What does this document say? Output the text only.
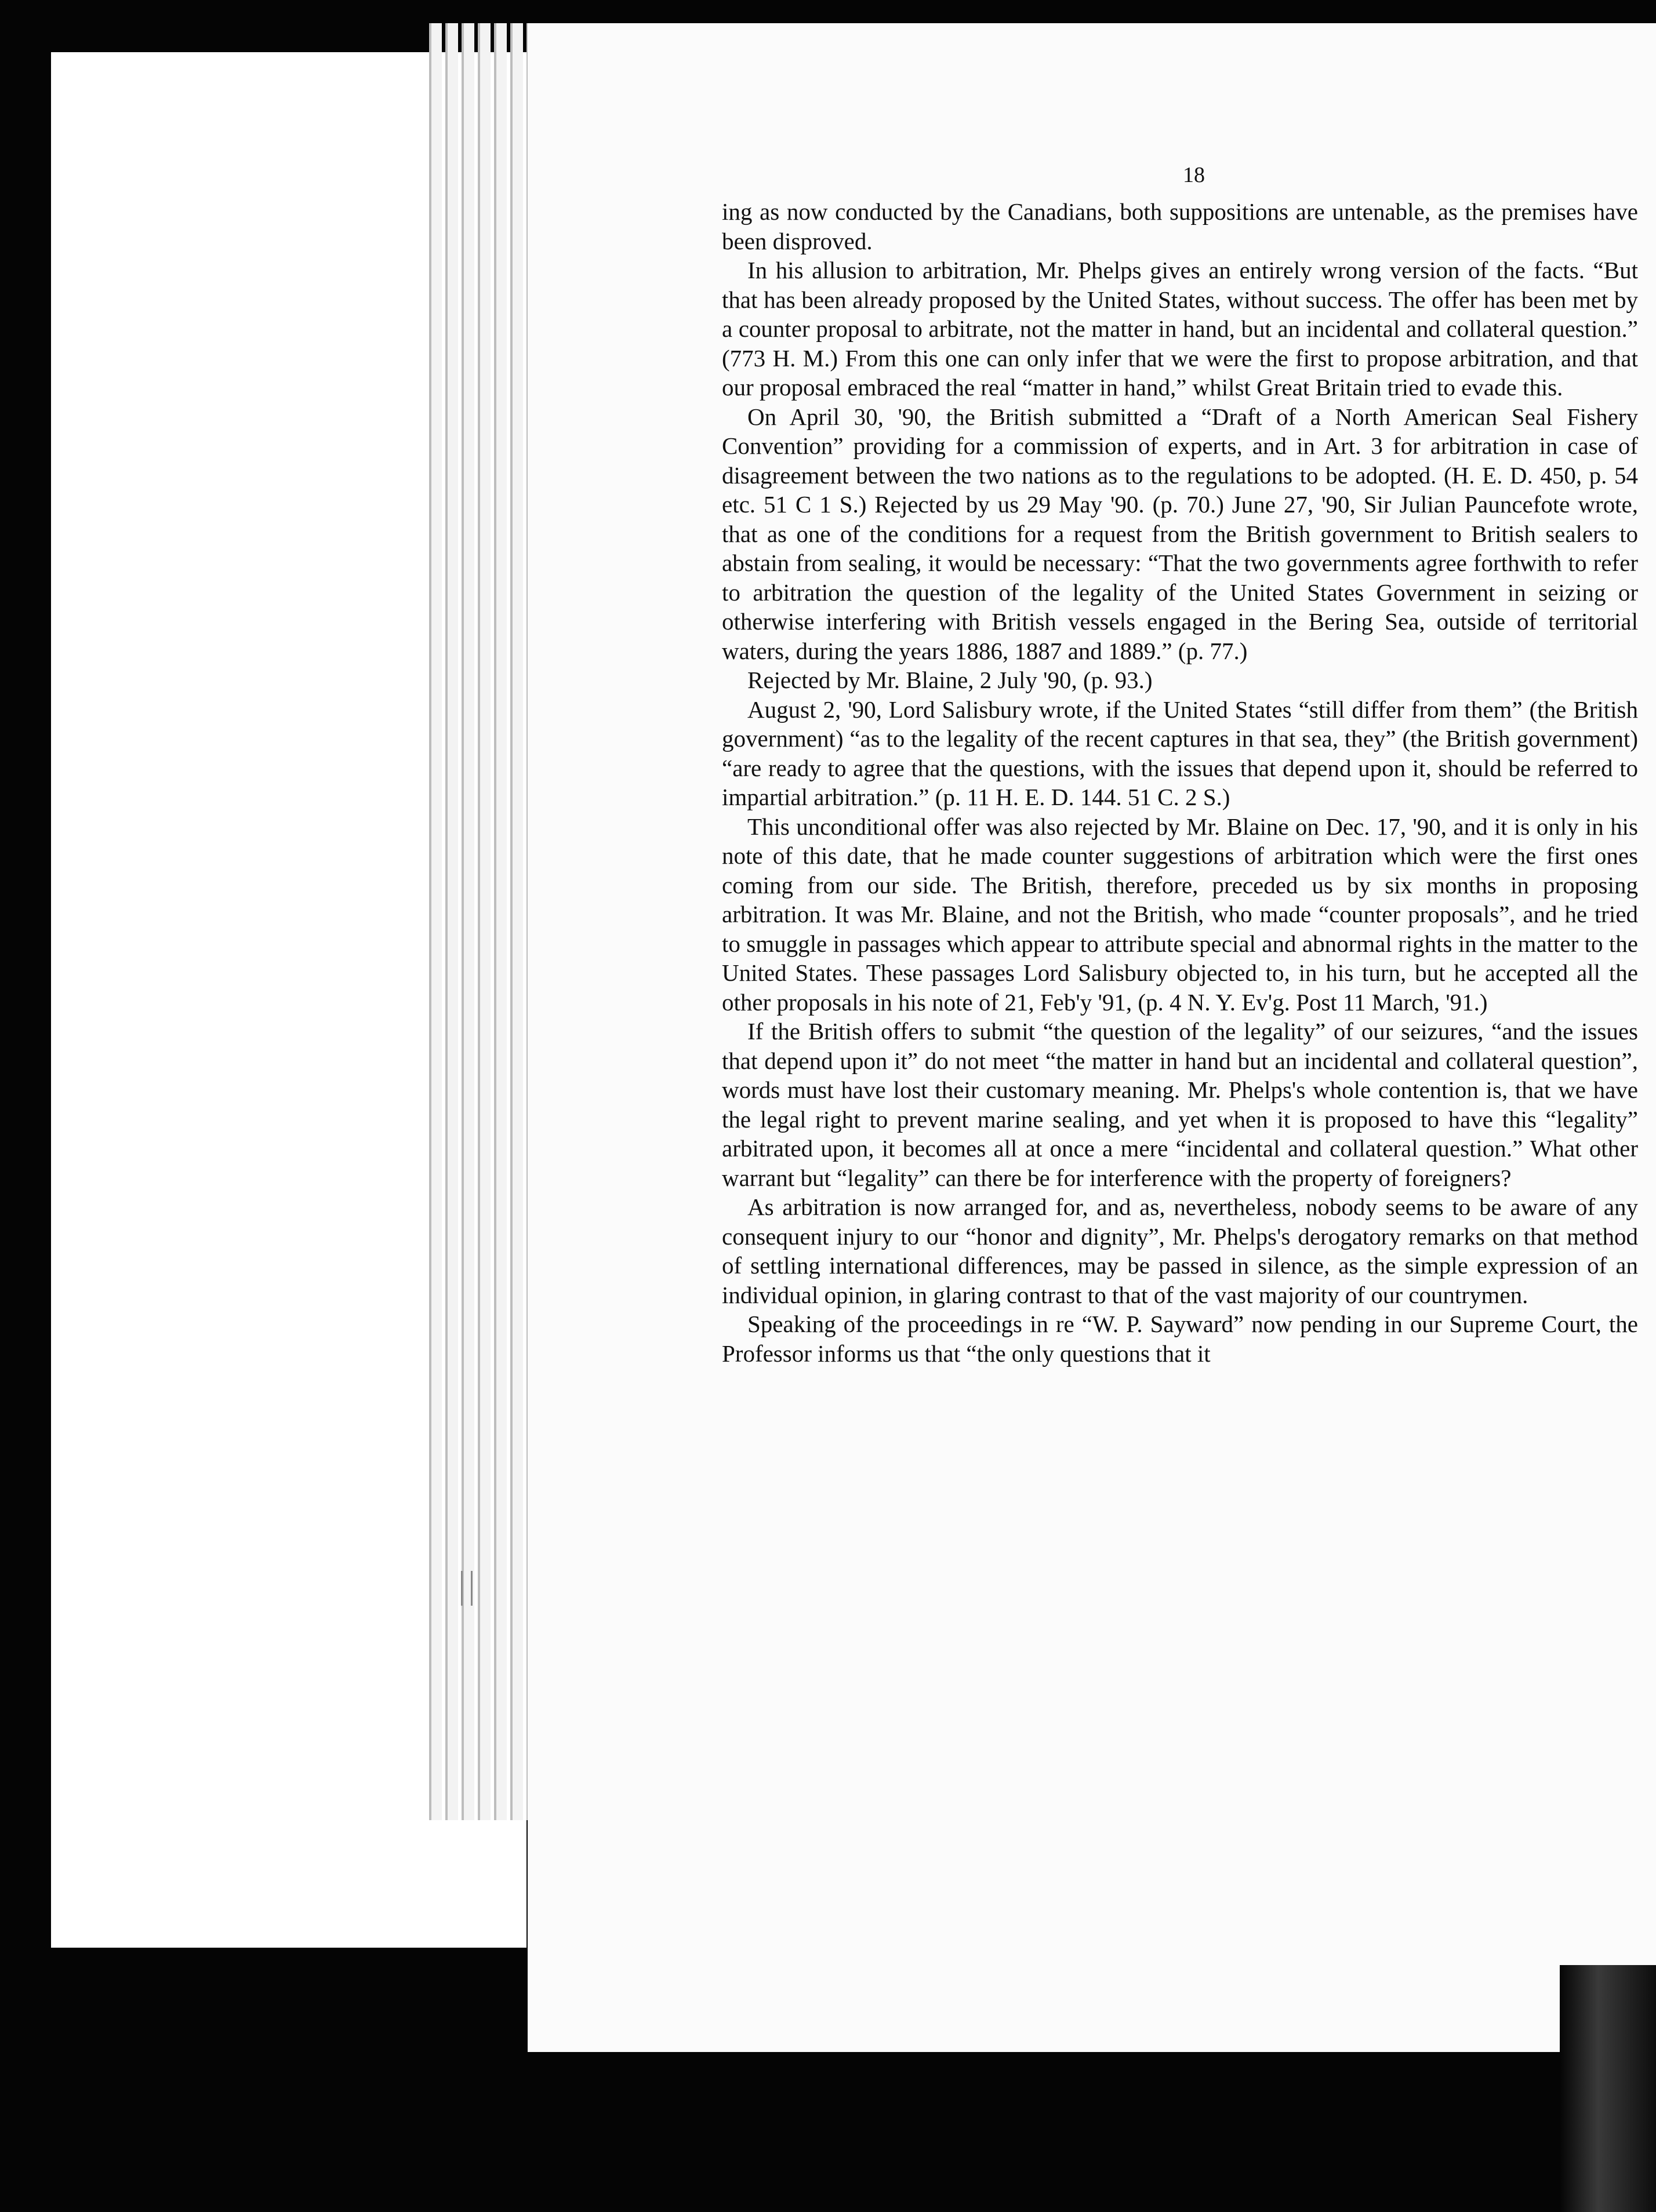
18

ing as now conducted by the Canadians, both suppositions are untenable, as the premises have been disproved.

In his allusion to arbitration, Mr. Phelps gives an entirely wrong version of the facts. “But that has been already proposed by the United States, without success. The offer has been met by a counter proposal to arbitrate, not the matter in hand, but an incidental and collateral question.” (773 H. M.) From this one can only infer that we were the first to propose arbitration, and that our proposal embraced the real “matter in hand,” whilst Great Britain tried to evade this.

On April 30, '90, the British submitted a “Draft of a North American Seal Fishery Convention” providing for a commission of experts, and in Art. 3 for arbitration in case of disagreement between the two nations as to the regulations to be adopted. (H. E. D. 450, p. 54 etc. 51 C 1 S.) Rejected by us 29 May '90. (p. 70.) June 27, '90, Sir Julian Pauncefote wrote, that as one of the conditions for a request from the British government to British sealers to abstain from sealing, it would be necessary: “That the two governments agree forthwith to refer to arbitration the question of the legality of the United States Government in seizing or otherwise interfering with British vessels engaged in the Bering Sea, outside of territorial waters, during the years 1886, 1887 and 1889.” (p. 77.)

Rejected by Mr. Blaine, 2 July '90, (p. 93.)

August 2, '90, Lord Salisbury wrote, if the United States “still differ from them” (the British government) “as to the legality of the recent captures in that sea, they” (the British government) “are ready to agree that the questions, with the issues that depend upon it, should be referred to impartial arbitration.” (p. 11 H. E. D. 144. 51 C. 2 S.)

This unconditional offer was also rejected by Mr. Blaine on Dec. 17, '90, and it is only in his note of this date, that he made counter suggestions of arbitration which were the first ones coming from our side. The British, therefore, preceded us by six months in proposing arbitration. It was Mr. Blaine, and not the British, who made “counter proposals”, and he tried to smuggle in passages which appear to attribute special and abnormal rights in the matter to the United States. These passages Lord Salisbury objected to, in his turn, but he accepted all the other proposals in his note of 21, Feb'y '91, (p. 4 N. Y. Ev'g. Post 11 March, '91.)

If the British offers to submit “the question of the legality” of our seizures, “and the issues that depend upon it” do not meet “the matter in hand but an incidental and collateral question”, words must have lost their customary meaning. Mr. Phelps's whole contention is, that we have the legal right to prevent marine sealing, and yet when it is proposed to have this “legality” arbitrated upon, it becomes all at once a mere “incidental and collateral question.” What other warrant but “legality” can there be for interference with the property of foreigners?

As arbitration is now arranged for, and as, nevertheless, nobody seems to be aware of any consequent injury to our “honor and dignity”, Mr. Phelps's derogatory remarks on that method of settling international differences, may be passed in silence, as the simple expression of an individual opinion, in glaring contrast to that of the vast majority of our countrymen.

Speaking of the proceedings in re “W. P. Sayward” now pending in our Supreme Court, the Professor informs us that “the only questions that it
